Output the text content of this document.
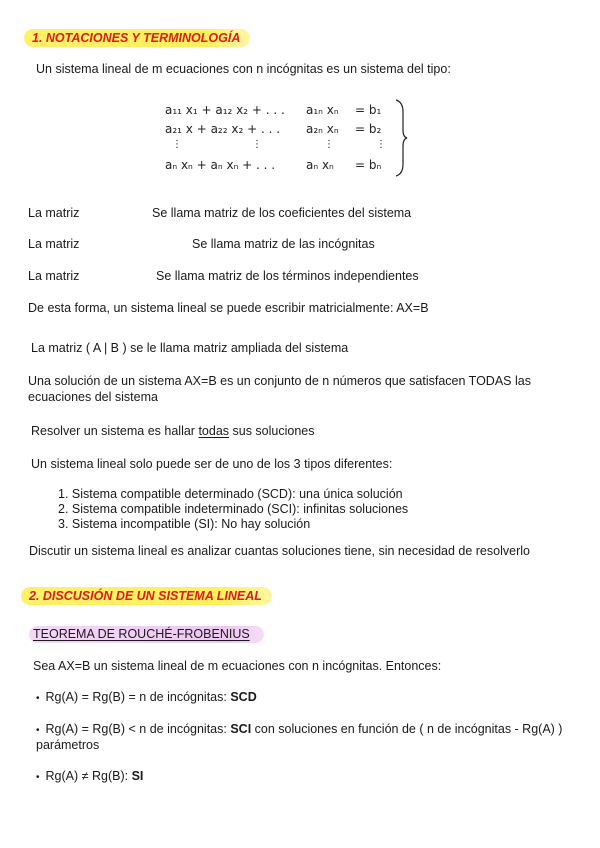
1. NOTACIONES Y TERMINOLOGÍA
Un sistema lineal de m ecuaciones con n incógnitas es un sistema del tipo:
a₁₁ x₁ + a₁₂ x₂ + . . . a₁ₙ xₙ = b₁
a₂₁ x + a₂₂ x₂ + . . . a₂ₙ xₙ = b₂
⋮	⋮	⋮	⋮
aₙ xₙ + aₙ xₙ + . . .	aₙ xₙ = bₙ
La matriz	Se llama matriz de los coeficientes del sistema
La matriz	Se llama matriz de las incógnitas
La matriz	Se llama matriz de los términos independientes
De esta forma, un sistema lineal se puede escribir matricialmente: AX=B
La matriz ( A | B ) se le llama matriz ampliada del sistema
Una solución de un sistema AX=B es un conjunto de n números que satisfacen TODAS las ecuaciones del sistema
Resolver un sistema es hallar todas sus soluciones
Un sistema lineal solo puede ser de uno de los 3 tipos diferentes:
1. Sistema compatible determinado (SCD): una única solución
2. Sistema compatible indeterminado (SCI): infinitas soluciones
3. Sistema incompatible (SI): No hay solución
Discutir un sistema lineal es analizar cuantas soluciones tiene, sin necesidad de resolverlo
2. DISCUSIÓN DE UN SISTEMA LINEAL
TEOREMA DE ROUCHÉ-FROBENIUS
Sea AX=B un sistema lineal de m ecuaciones con n incógnitas. Entonces:
• Rg(A) = Rg(B) = n de incógnitas: SCD
• Rg(A) = Rg(B) < n de incógnitas: SCI con soluciones en función de ( n de incógnitas - Rg(A) ) parámetros
• Rg(A) ≠ Rg(B): SI
